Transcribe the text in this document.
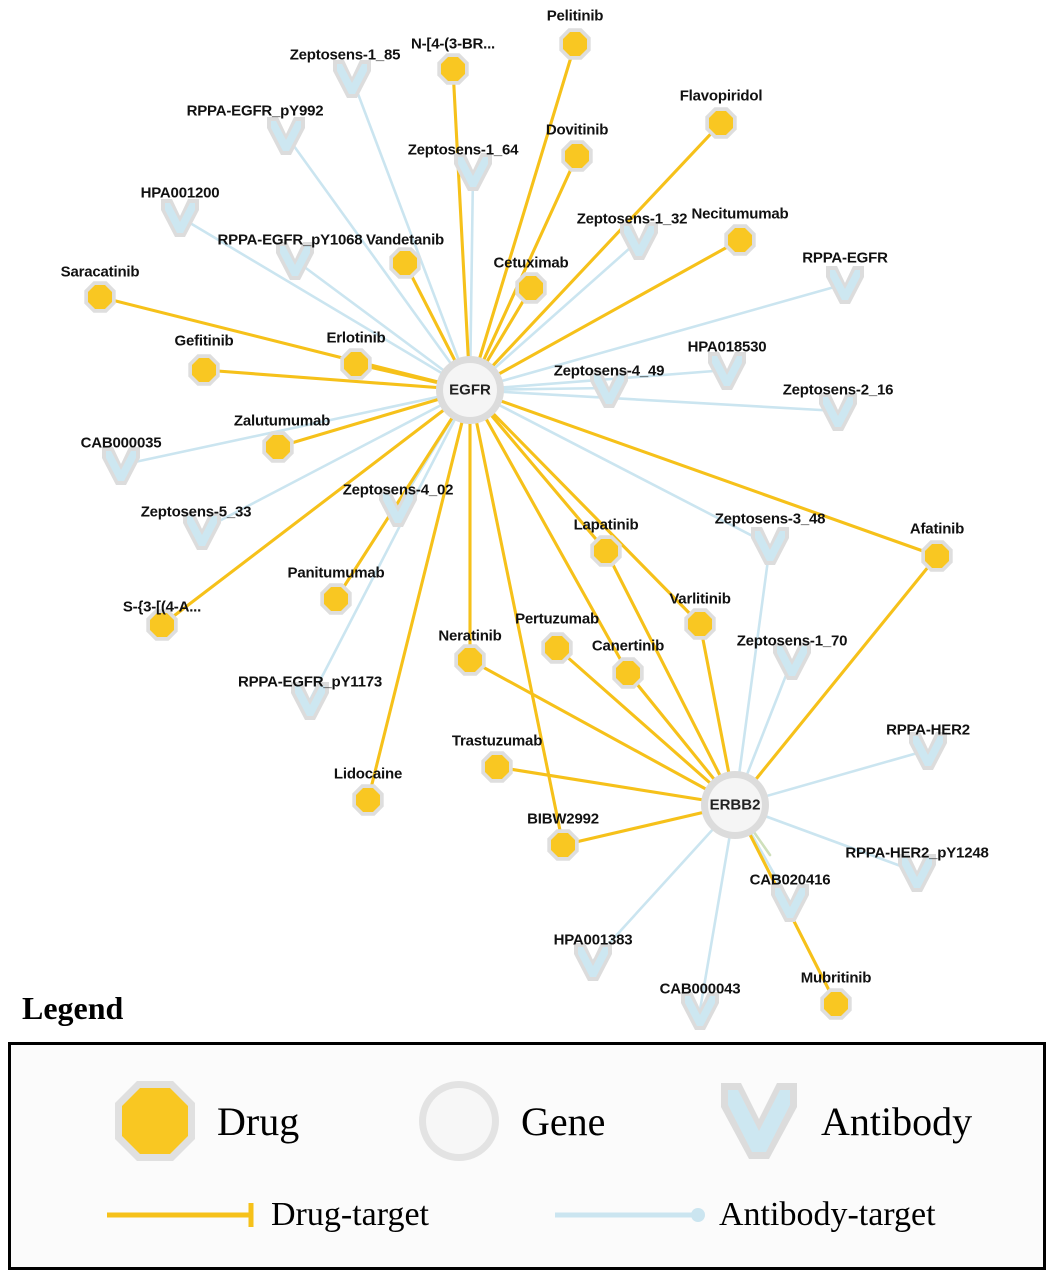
Pelitinib
N-[4-(3-BR...
Flavopiridol
Dovitinib
Necitumumab
Vandetanib
Cetuximab
Saracatinib
Erlotinib
Gefitinib
Zalutumumab
Afatinib
Lapatinib
Varlitinib
Panitumumab
S-{3-[(4-A...
Neratinib
Pertuzumab
Canertinib
Trastuzumab
Lidocaine
BIBW2992
Mubritinib
Zeptosens-1_85
RPPA-EGFR_pY992
Zeptosens-1_64
HPA001200
Zeptosens-1_32
RPPA-EGFR_pY1068
RPPA-EGFR
HPA018530
Zeptosens-4_49
Zeptosens-2_16
CAB000035
Zeptosens-4_02
Zeptosens-5_33	Zeptosens-3_48
Zeptosens-1_70
RPPA-EGFR_pY1173
RPPA-HER2
RPPA-HER2_pY1248
CAB020416
HPA001383
CAB000043
EGFR
ERBB2
Legend
Drug	Gene	Antibody
Drug-target	Antibody-target
